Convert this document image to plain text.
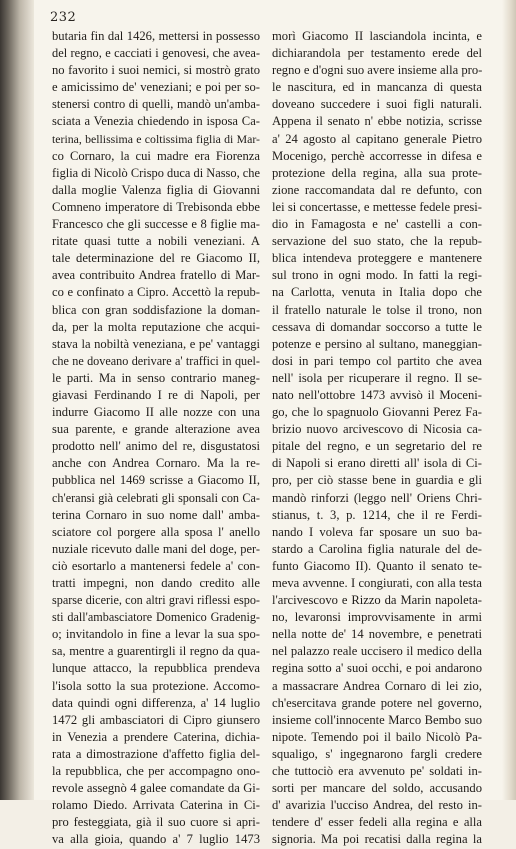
232
butaria fin dal 1426, mettersi in possesso
del regno, e cacciati i genovesi, che avea-
no favorito i suoi nemici, si mostrò grato
e amicissimo de' veneziani; e poi per so-
stenersi contro di quelli, mandò un'amba-
sciata a Venezia chiedendo in isposa Ca-
terina, bellissima e coltissima figlia di Mar-
co Cornaro, la cui madre era Fiorenza
figlia di Nicolò Crispo duca di Nasso, che
dalla moglie Valenza figlia di Giovanni
Comneno imperatore di Trebisonda ebbe
Francesco che gli successe e 8 figlie ma-
ritate quasi tutte a nobili veneziani. A
tale determinazione del re Giacomo II,
avea contribuito Andrea fratello di Mar-
co e confinato a Cipro. Accettò la repub-
blica con gran soddisfazione la doman-
da, per la molta reputazione che acqui-
stava la nobiltà veneziana, e pe' vantaggi
che ne doveano derivare a' traffici in quel-
le parti. Ma in senso contrario maneg-
giavasi Ferdinando I re di Napoli, per
indurre Giacomo II alle nozze con una
sua parente, e grande alterazione avea
prodotto nell' animo del re, disgustatosi
anche con Andrea Cornaro. Ma la re-
pubblica nel 1469 scrisse a Giacomo II,
ch'eransi già celebrati gli sponsali con Ca-
terina Cornaro in suo nome dall' amba-
sciatore col porgere alla sposa l' anello
nuziale ricevuto dalle mani del doge, per-
ciò esortarlo a mantenersi fedele a' con-
tratti impegni, non dando credito alle
sparse dicerie, con altri gravi riflessi espo-
sti dall'ambasciatore Domenico Gradenig-
o; invitandolo in fine a levar la sua spo-
sa, mentre a guarentirgli il regno da qua-
lunque attacco, la repubblica prendeva
l'isola sotto la sua protezione. Accomo-
data quindi ogni differenza, a' 14 luglio
1472 gli ambasciatori di Cipro giunsero
in Venezia a prendere Caterina, dichia-
rata a dimostrazione d'affetto figlia del-
la repubblica, che per accompagno ono-
revole assegnò 4 galee comandate da Gi-
rolamo Diedo. Arrivata Caterina in Ci-
pro festeggiata, già il suo cuore si apri-
va alla gioia, quando a' 7 luglio 1473
morì Giacomo II lasciandola incinta, e
dichiarandola per testamento erede del
regno e d'ogni suo avere insieme alla pro-
le nascitura, ed in mancanza di questa
doveano succedere i suoi figli naturali.
Appena il senato n' ebbe notizia, scrisse
a' 24 agosto al capitano generale Pietro
Mocenigo, perchè accorresse in difesa e
protezione della regina, alla sua prote-
zione raccomandata dal re defunto, con
lei si concertasse, e mettesse fedele presi-
dio in Famagosta e ne' castelli a con-
servazione del suo stato, che la repub-
blica intendeva proteggere e mantenere
sul trono in ogni modo. In fatti la regi-
na Carlotta, venuta in Italia dopo che
il fratello naturale le tolse il trono, non
cessava di domandar soccorso a tutte le
potenze e persino al sultano, maneggian-
dosi in pari tempo col partito che avea
nell' isola per ricuperare il regno. Il se-
nato nell'ottobre 1473 avvisò il Moceni-
go, che lo spagnuolo Giovanni Perez Fa-
brizio nuovo arcivescovo di Nicosia ca-
pitale del regno, e un segretario del re
di Napoli si erano diretti all' isola di Ci-
pro, per ciò stasse bene in guardia e gli
mandò rinforzi (leggo nell' Oriens Chri-
stianus, t. 3, p. 1214, che il re Ferdi-
nando I voleva far sposare un suo ba-
stardo a Carolina figlia naturale del de-
funto Giacomo II). Quanto il senato te-
meva avvenne. I congiurati, con alla testa
l'arcivescovo e Rizzo da Marin napoleta-
no, levaronsi improvvisamente in armi
nella notte de' 14 novembre, e penetrati
nel palazzo reale uccisero il medico della
regina sotto a' suoi occhi, e poi andarono
a massacrare Andrea Cornaro di lei zio,
ch'esercitava grande potere nel governo,
insieme coll'innocente Marco Bembo suo
nipote. Temendo poi il bailo Nicolò Pa-
squaligo, s' ingegnarono fargli credere
che tuttociò era avvenuto pe' soldati in-
sorti per mancare del soldo, accusando
d' avarizia l'ucciso Andrea, del resto in-
tendere d' esser fedeli alla regina e alla
signoria. Ma poi recatisi dalla regina la
